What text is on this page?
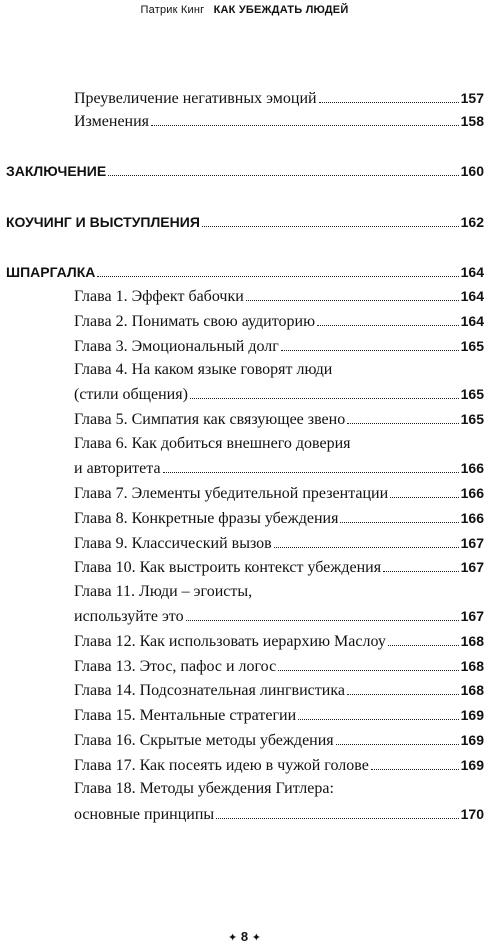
Патрик Кинг КАК УБЕЖДАТЬ ЛЮДЕЙ
Преувеличение негативных эмоций	157
Изменения	158
ЗАКЛЮЧЕНИЕ	160
КОУЧИНГ И ВЫСТУПЛЕНИЯ	162
ШПАРГАЛКА	164
Глава 1. Эффект бабочки	164
Глава 2. Понимать свою аудиторию	164
Глава 3. Эмоциональный долг	165
Глава 4. На каком языке говорят люди
(стили общения)	165
Глава 5. Симпатия как связующее звено	165
Глава 6. Как добиться внешнего доверия
и авторитета	166
Глава 7. Элементы убедительной презентации	166
Глава 8. Конкретные фразы убеждения	166
Глава 9. Классический вызов	167
Глава 10. Как выстроить контекст убеждения	167
Глава 11. Люди – эгоисты,
используйте это	167
Глава 12. Как использовать иерархию Маслоу	168
Глава 13. Этос, пафос и логос	168
Глава 14. Подсознательная лингвистика	168
Глава 15. Ментальные стратегии	169
Глава 16. Скрытые методы убеждения	169
Глава 17. Как посеять идею в чужой голове	169
Глава 18. Методы убеждения Гитлера:
основные принципы	170
✦ 8 ✦
